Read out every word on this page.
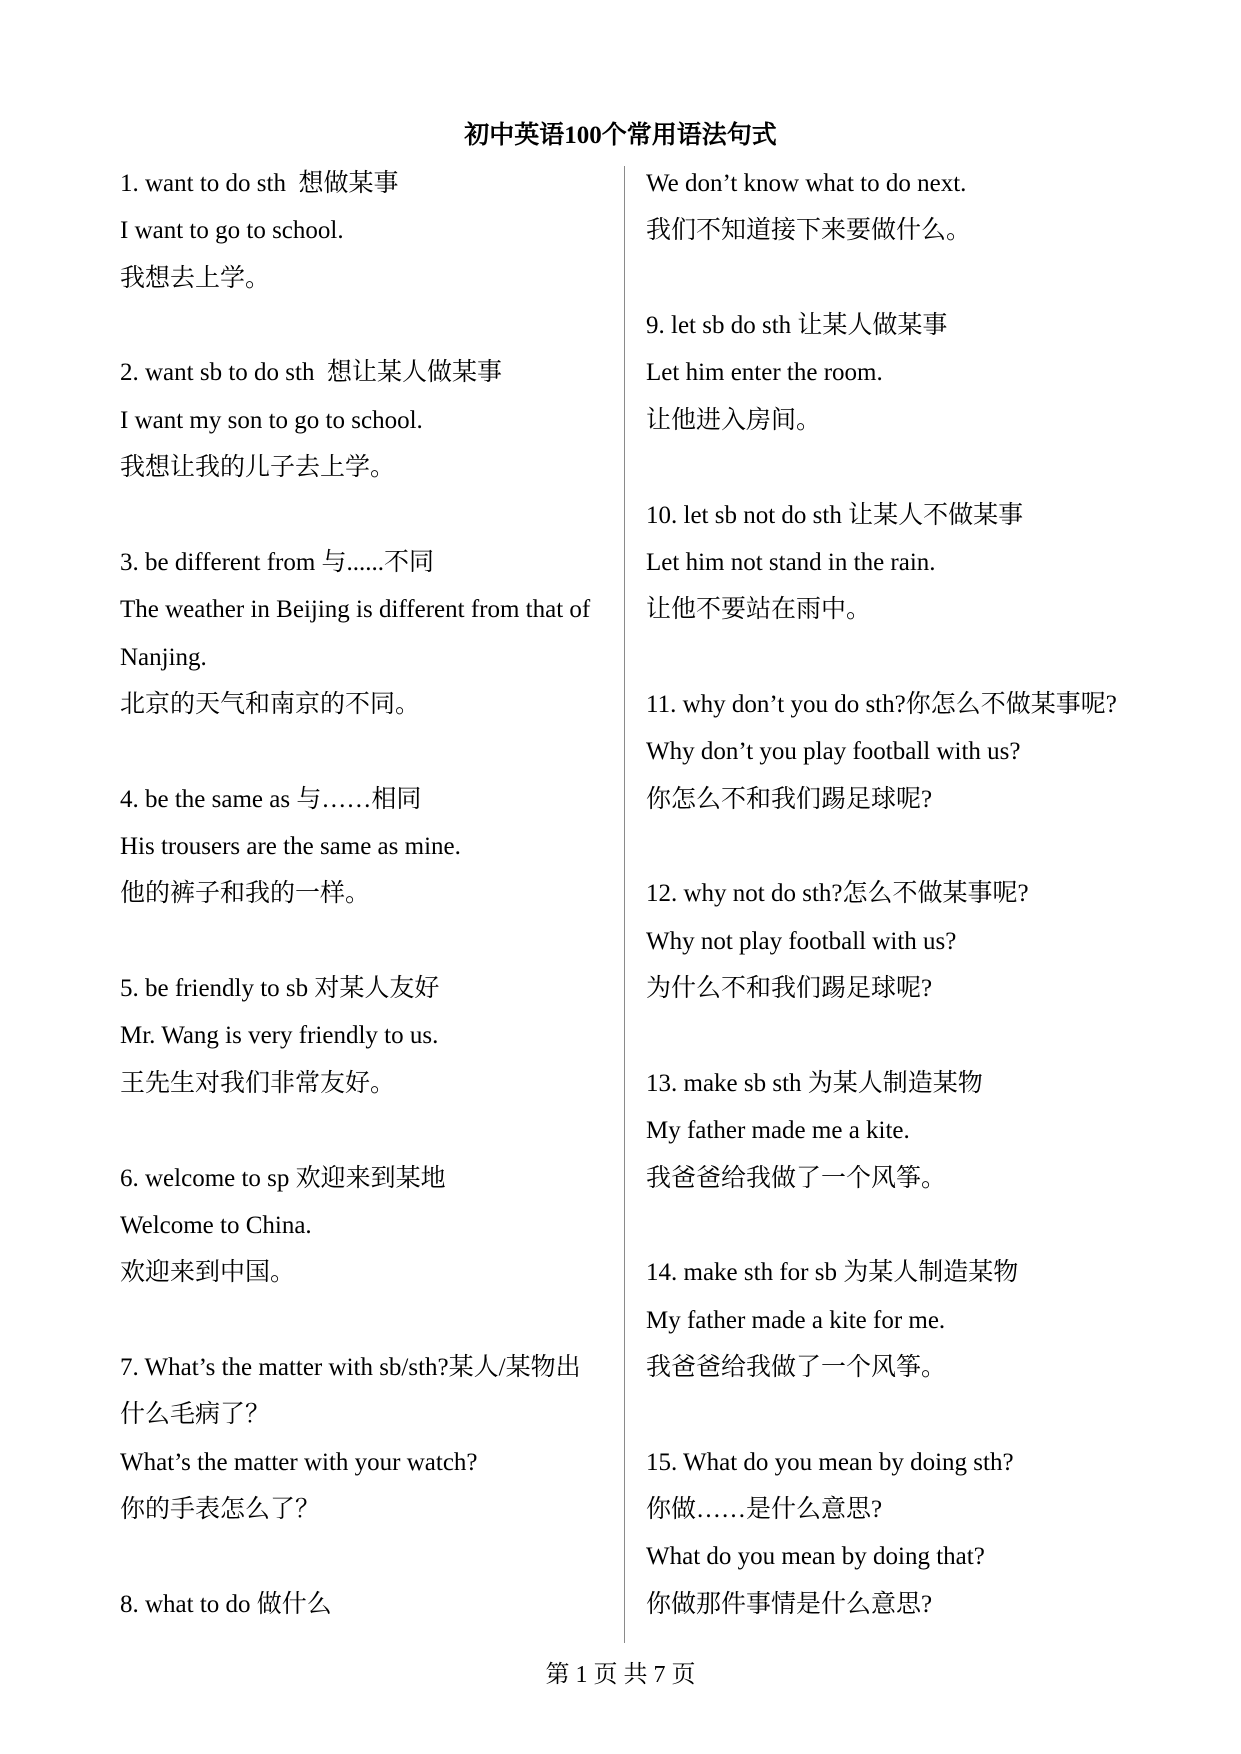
初中英语100个常用语法句式
1. want to do sth  想做某事
I want to go to school.
我想去上学。
2. want sb to do sth  想让某人做某事
I want my son to go to school.
我想让我的儿子去上学。
3. be different from 与......不同
The weather in Beijing is different from that of
Nanjing.
北京的天气和南京的不同。
4. be the same as 与……相同
His trousers are the same as mine.
他的裤子和我的一样。
5. be friendly to sb 对某人友好
Mr. Wang is very friendly to us.
王先生对我们非常友好。
6. welcome to sp 欢迎来到某地
Welcome to China.
欢迎来到中国。
7. What’s the matter with sb/sth?某人/某物出
什么毛病了？
What’s the matter with your watch?
你的手表怎么了？
8. what to do 做什么
We don’t know what to do next.
我们不知道接下来要做什么。
9. let sb do sth 让某人做某事
Let him enter the room.
让他进入房间。
10. let sb not do sth 让某人不做某事
Let him not stand in the rain.
让他不要站在雨中。
11. why don’t you do sth?你怎么不做某事呢?
Why don’t you play football with us?
你怎么不和我们踢足球呢?
12. why not do sth?怎么不做某事呢?
Why not play football with us?
为什么不和我们踢足球呢?
13. make sb sth 为某人制造某物
My father made me a kite.
我爸爸给我做了一个风筝。
14. make sth for sb 为某人制造某物
My father made a kite for me.
我爸爸给我做了一个风筝。
15. What do you mean by doing sth?
你做……是什么意思?
What do you mean by doing that?
你做那件事情是什么意思?
第 1 页 共 7 页
